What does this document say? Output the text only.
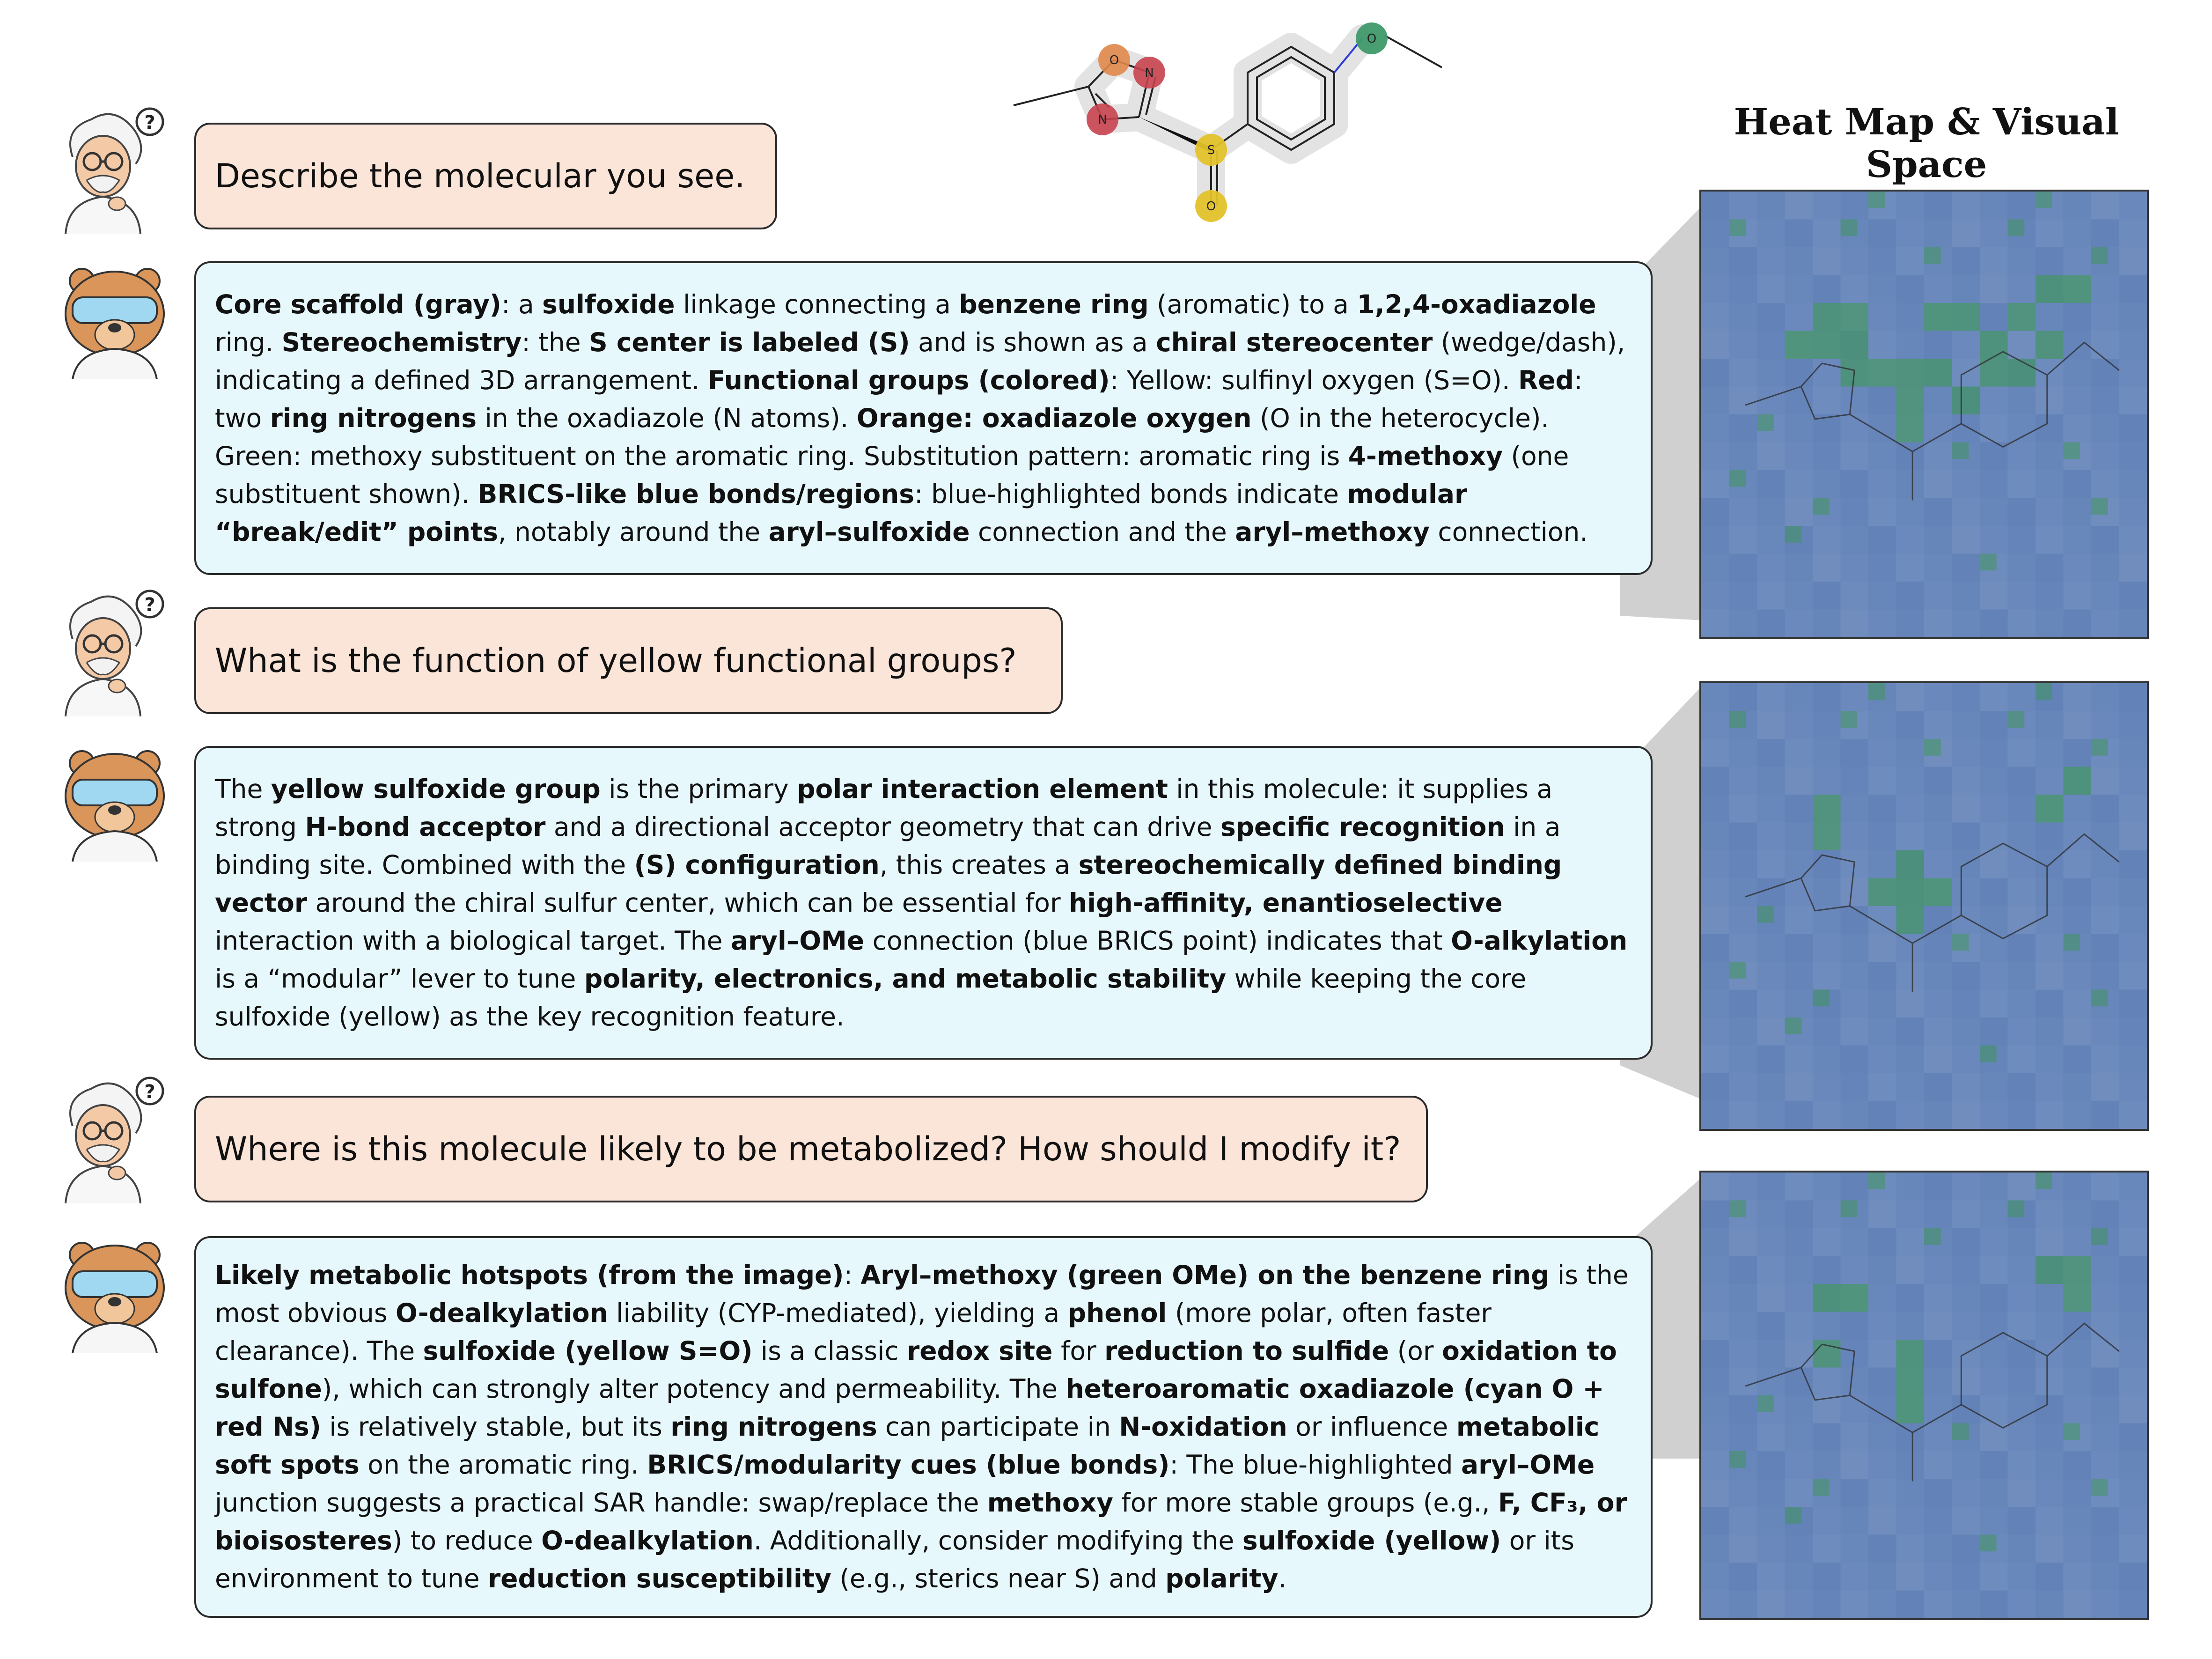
O
N
N
S
O
O
Heat Map & Visual Space
?
?
?
Describe the molecular you see.
Core scaffold (gray): a sulfoxide linkage connecting a benzene ring (aromatic) to a 1,2,4-oxadiazole ring. Stereochemistry: the S center is labeled (S) and is shown as a chiral stereocenter (wedge/dash), indicating a defined 3D arrangement. Functional groups (colored): Yellow: sulfinyl oxygen (S=O). Red: two ring nitrogens in the oxadiazole (N atoms). Orange: oxadiazole oxygen (O in the heterocycle). Green: methoxy substituent on the aromatic ring. Substitution pattern: aromatic ring is 4-methoxy (one substituent shown). BRICS-like blue bonds/regions: blue-highlighted bonds indicate modular “break/edit” points, notably around the aryl–sulfoxide connection and the aryl–methoxy connection.
What is the function of yellow functional groups?
The yellow sulfoxide group is the primary polar interaction element in this molecule: it supplies a strong H-bond acceptor and a directional acceptor geometry that can drive specific recognition in a binding site. Combined with the (S) configuration, this creates a stereochemically defined binding vector around the chiral sulfur center, which can be essential for high-affinity, enantioselective interaction with a biological target. The aryl–OMe connection (blue BRICS point) indicates that O-alkylation is a “modular” lever to tune polarity, electronics, and metabolic stability while keeping the core sulfoxide (yellow) as the key recognition feature.
Where is this molecule likely to be metabolized? How should I modify it?
Likely metabolic hotspots (from the image): Aryl–methoxy (green OMe) on the benzene ring is the most obvious O-dealkylation liability (CYP-mediated), yielding a phenol (more polar, often faster clearance). The sulfoxide (yellow S=O) is a classic redox site for reduction to sulfide (or oxidation to sulfone), which can strongly alter potency and permeability. The heteroaromatic oxadiazole (cyan O + red Ns) is relatively stable, but its ring nitrogens can participate in N-oxidation or influence metabolic soft spots on the aromatic ring. BRICS/modularity cues (blue bonds): The blue-highlighted aryl–OMe junction suggests a practical SAR handle: swap/replace the methoxy for more stable groups (e.g., F, CF₃, or bioisosteres) to reduce O-dealkylation. Additionally, consider modifying the sulfoxide (yellow) or its environment to tune reduction susceptibility (e.g., sterics near S) and polarity.
